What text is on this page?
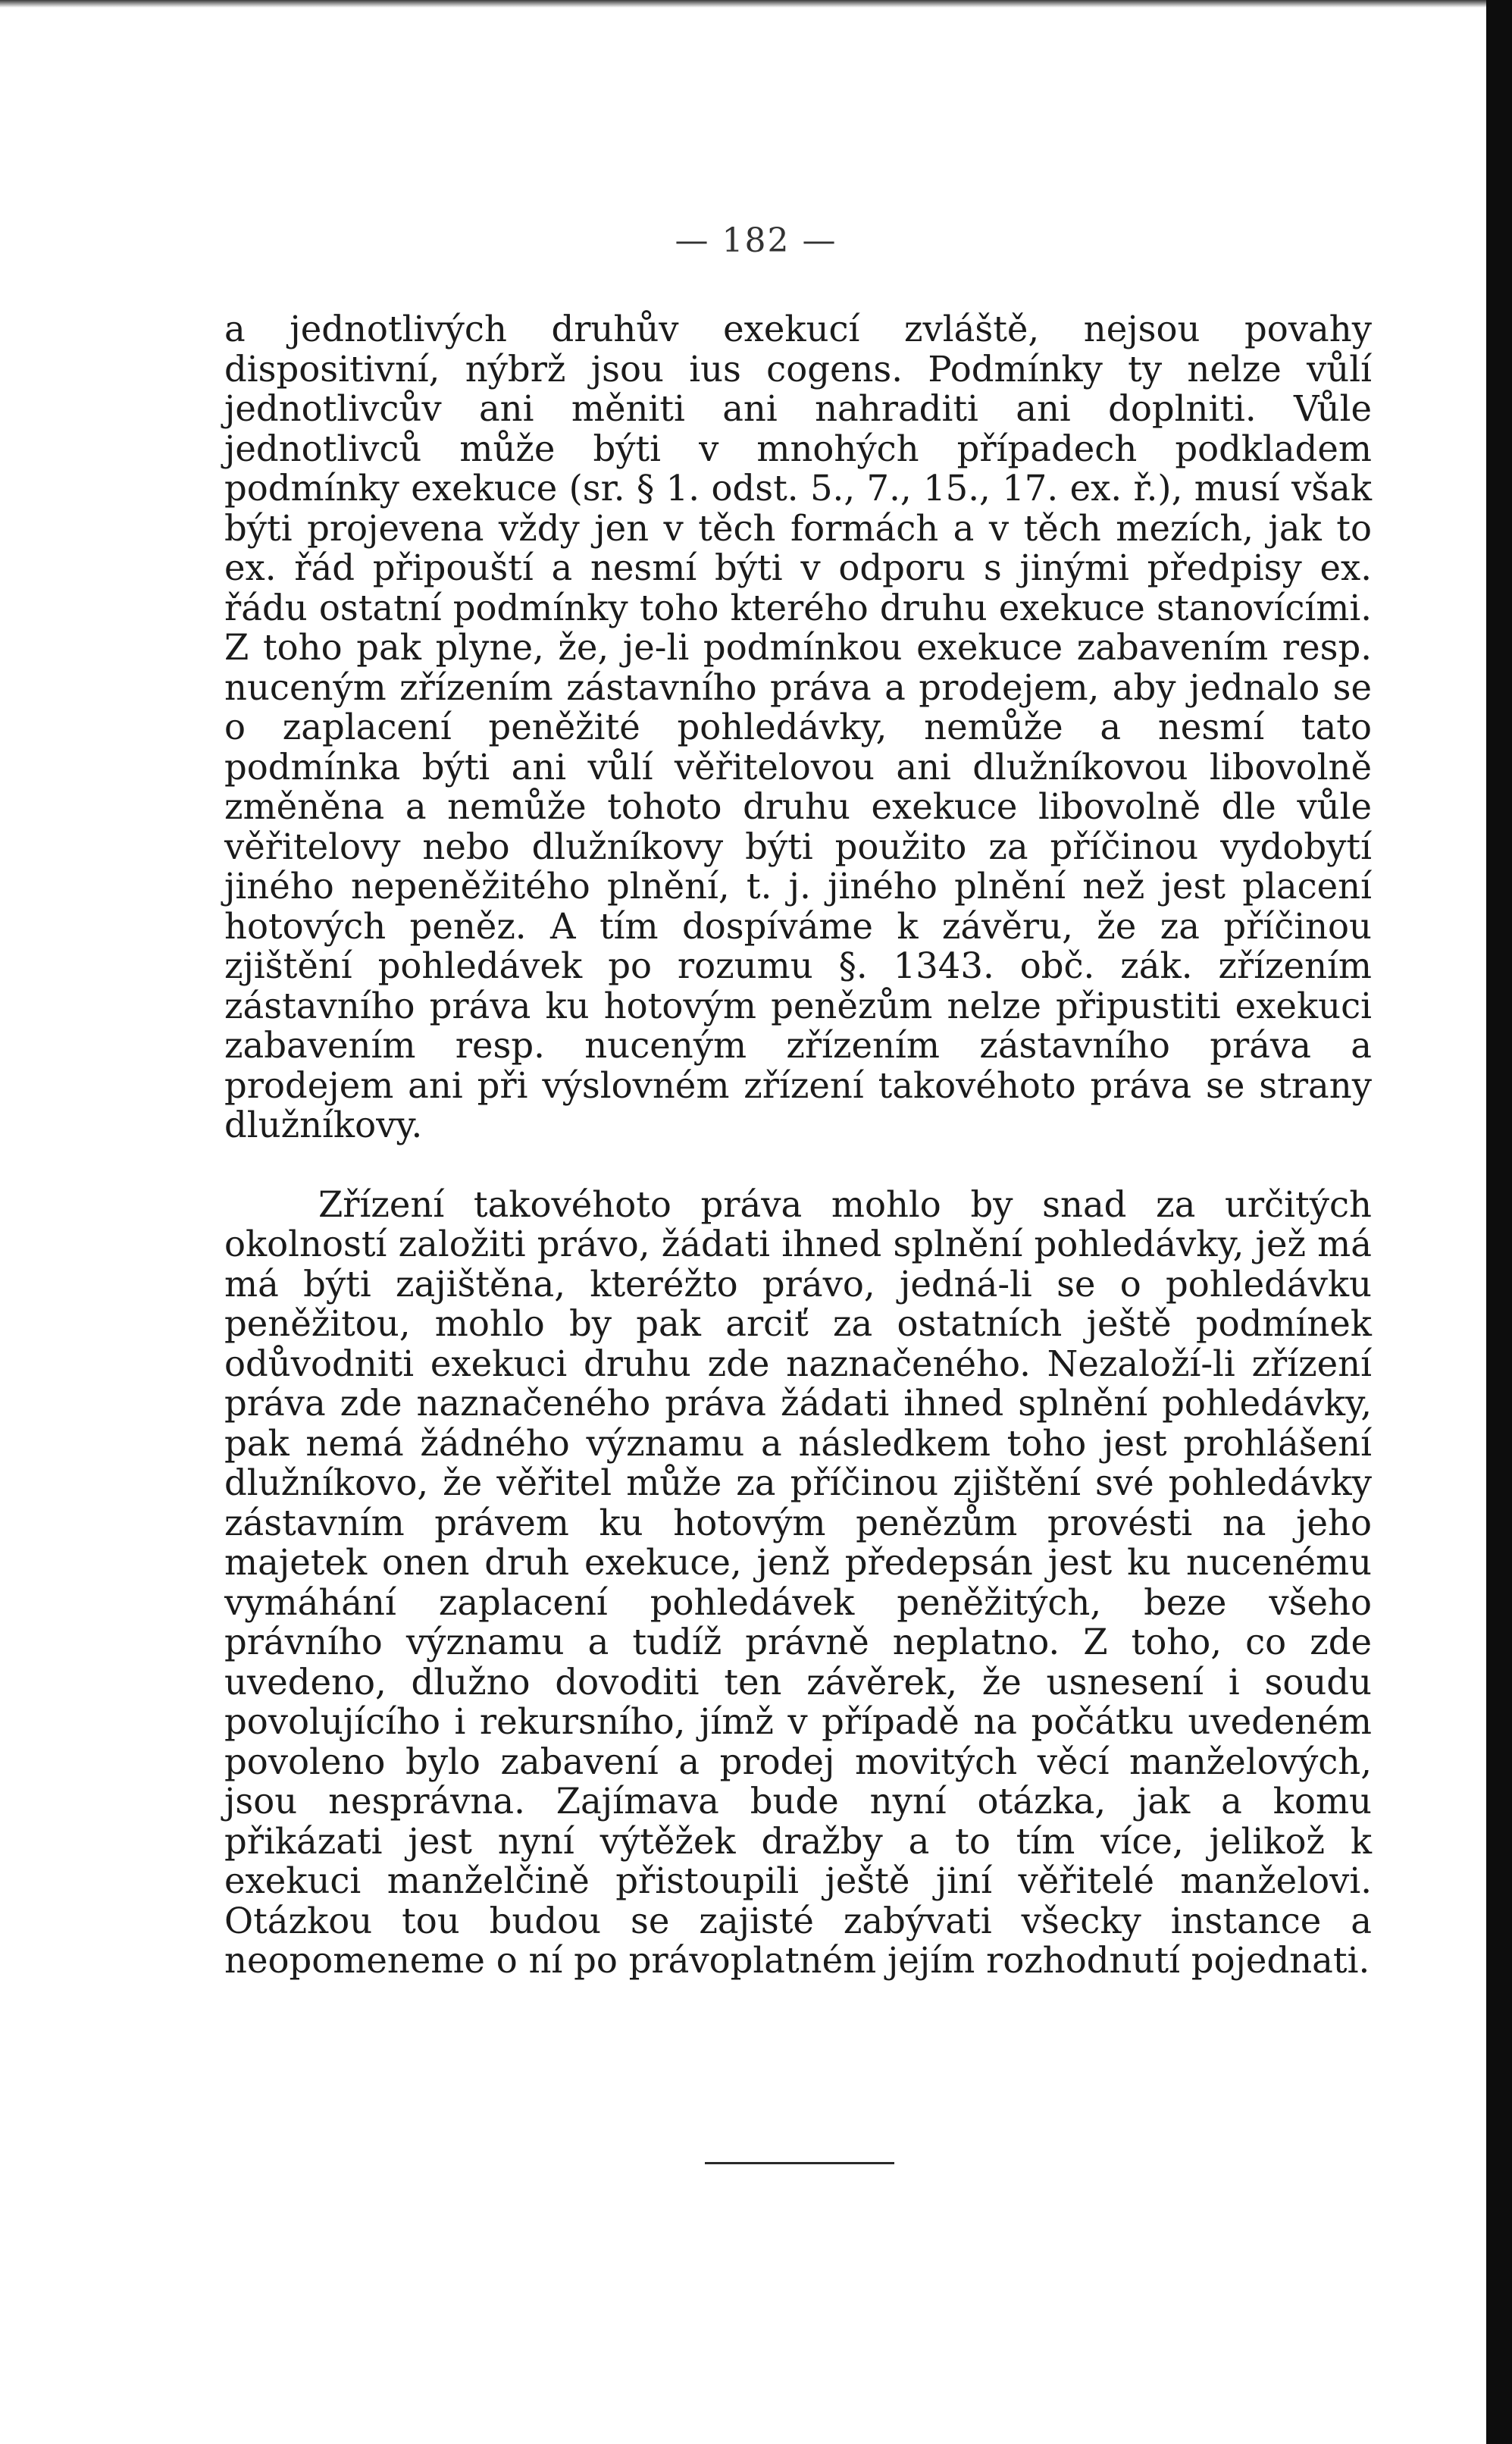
— 182 —

a jednotlivých druhův exekucí zvláště, nejsou povahy dispositivní, nýbrž jsou ius cogens. Podmínky ty nelze vůlí jednotlivcův ani měniti ani nahraditi ani doplniti. Vůle jednotlivců může býti v mnohých případech podkladem podmínky exekuce (sr. § 1. odst. 5., 7., 15., 17. ex. ř.), musí však býti projevena vždy jen v těch formách a v těch mezích, jak to ex. řád připouští a nesmí býti v odporu s jinými předpisy ex. řádu ostatní podmínky toho kterého druhu exekuce stanovícími. Z toho pak plyne, že, je-li podmínkou exekuce zabavením resp. nuceným zřízením zástavního práva a prodejem, aby jednalo se o zaplacení peněžité pohledávky, nemůže a nesmí tato podmínka býti ani vůlí věřitelovou ani dlužníkovou libovolně změněna a nemůže tohoto druhu exekuce libovolně dle vůle věřitelovy nebo dlužníkovy býti použito za příčinou vydobytí jiného nepeněžitého plnění, t. j. jiného plnění než jest placení hotových peněz. A tím dospíváme k závěru, že za příčinou zjištění pohledávek po rozumu §. 1343. obč. zák. zřízením zástavního práva ku hotovým penězům nelze připustiti exekuci zabavením resp. nuceným zřízením zástavního práva a prodejem ani při výslovném zřízení takovéhoto práva se strany dlužníkovy.

Zřízení takovéhoto práva mohlo by snad za určitých okolností založiti právo, žádati ihned splnění pohledávky, jež má má býti zajištěna, kteréžto právo, jedná-li se o pohledávku peněžitou, mohlo by pak arciť za ostatních ještě podmínek odůvodniti exekuci druhu zde naznačeného. Nezaloží-li zřízení práva zde naznačeného práva žádati ihned splnění pohledávky, pak nemá žádného významu a následkem toho jest prohlášení dlužníkovo, že věřitel může za příčinou zjištění své pohledávky zástavním právem ku hotovým penězům provésti na jeho majetek onen druh exekuce, jenž předepsán jest ku nucenému vymáhání zaplacení pohledávek peněžitých, beze všeho právního významu a tudíž právně neplatno. Z toho, co zde uvedeno, dlužno dovoditi ten závěrek, že usnesení i soudu povolujícího i rekursního, jímž v případě na počátku uvedeném povoleno bylo zabavení a prodej movitých věcí manželových, jsou nesprávna. Zajímava bude nyní otázka, jak a komu přikázati jest nyní výtěžek dražby a to tím více, jelikož k exekuci manželčině přistoupili ještě jiní věřitelé manželovi. Otázkou tou budou se zajisté zabývati všecky instance a neopomeneme o ní po právoplatném jejím rozhodnutí pojednati.
